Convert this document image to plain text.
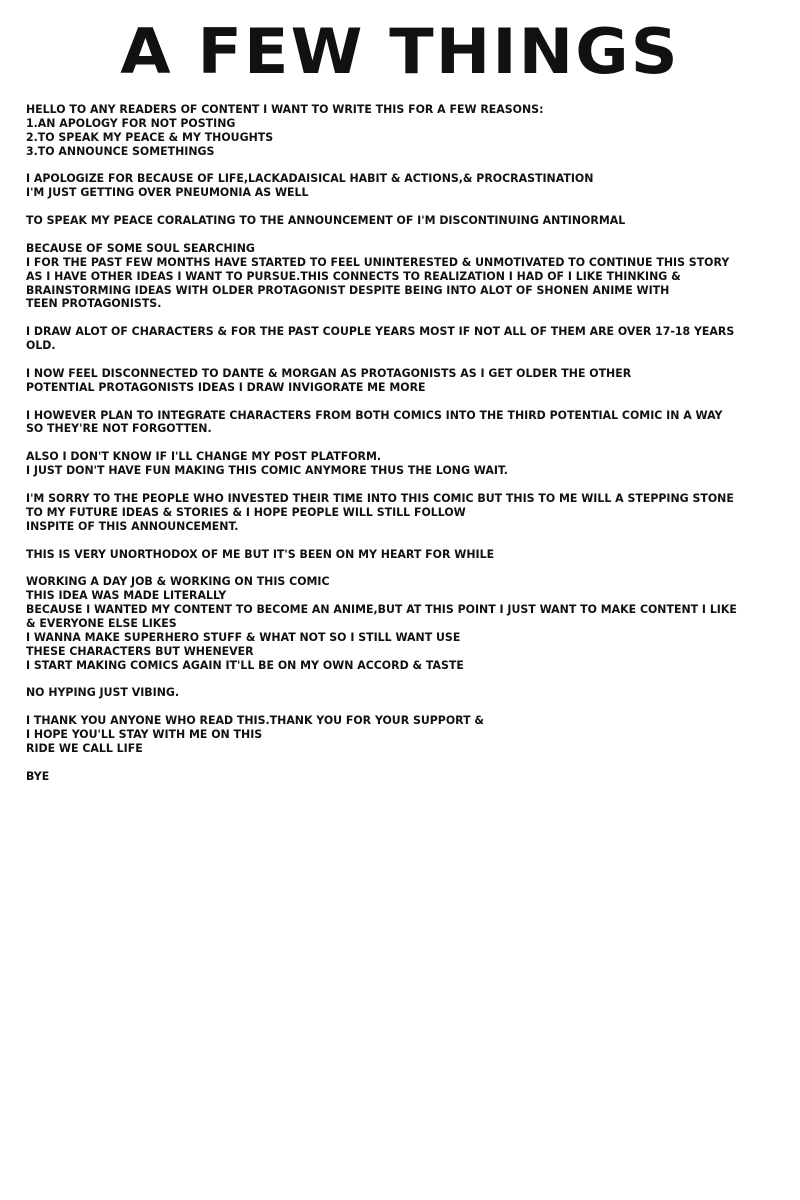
A FEW THINGS
HELLO TO ANY READERS OF CONTENT I WANT TO WRITE THIS FOR A FEW REASONS:
1.AN APOLOGY FOR NOT POSTING
2.TO SPEAK MY PEACE & MY THOUGHTS
3.TO ANNOUNCE SOMETHINGS
I APOLOGIZE FOR BECAUSE OF LIFE,LACKADAISICAL HABIT & ACTIONS,& PROCRASTINATION
I'M JUST GETTING OVER PNEUMONIA AS WELL
TO SPEAK MY PEACE CORALATING TO THE ANNOUNCEMENT OF I'M DISCONTINUING ANTINORMAL
BECAUSE OF SOME SOUL SEARCHING
I FOR THE PAST FEW MONTHS HAVE STARTED TO FEEL UNINTERESTED & UNMOTIVATED TO CONTINUE THIS STORY
AS I HAVE OTHER IDEAS I WANT TO PURSUE.THIS CONNECTS TO REALIZATION I HAD OF I LIKE THINKING &
BRAINSTORMING IDEAS WITH OLDER PROTAGONIST DESPITE BEING INTO ALOT OF SHONEN ANIME WITH
TEEN PROTAGONISTS.
I DRAW ALOT OF CHARACTERS & FOR THE PAST COUPLE YEARS MOST IF NOT ALL OF THEM ARE OVER 17-18 YEARS
OLD.
I NOW FEEL DISCONNECTED TO DANTE & MORGAN AS PROTAGONISTS AS I GET OLDER THE OTHER
POTENTIAL PROTAGONISTS IDEAS I DRAW INVIGORATE ME MORE
I HOWEVER PLAN TO INTEGRATE CHARACTERS FROM BOTH COMICS INTO THE THIRD POTENTIAL COMIC IN A WAY
SO THEY'RE NOT FORGOTTEN.
ALSO I DON'T KNOW IF I'LL CHANGE MY POST PLATFORM.
I JUST DON'T HAVE FUN MAKING THIS COMIC ANYMORE THUS THE LONG WAIT.
I'M SORRY TO THE PEOPLE WHO INVESTED THEIR TIME INTO THIS COMIC BUT THIS TO ME WILL A STEPPING STONE
TO MY FUTURE IDEAS & STORIES & I HOPE PEOPLE WILL STILL FOLLOW
INSPITE OF THIS ANNOUNCEMENT.
THIS IS VERY UNORTHODOX OF ME BUT IT'S BEEN ON MY HEART FOR WHILE
WORKING A DAY JOB & WORKING ON THIS COMIC
THIS IDEA WAS MADE LITERALLY
BECAUSE I WANTED MY CONTENT TO BECOME AN ANIME,BUT AT THIS POINT I JUST WANT TO MAKE CONTENT I LIKE
& EVERYONE ELSE LIKES
I WANNA MAKE SUPERHERO STUFF & WHAT NOT SO I STILL WANT USE
THESE CHARACTERS BUT WHENEVER
I START MAKING COMICS AGAIN IT'LL BE ON MY OWN ACCORD & TASTE
NO HYPING JUST VIBING.
I THANK YOU ANYONE WHO READ THIS.THANK YOU FOR YOUR SUPPORT &
I HOPE YOU'LL STAY WITH ME ON THIS
RIDE WE CALL LIFE
BYE
